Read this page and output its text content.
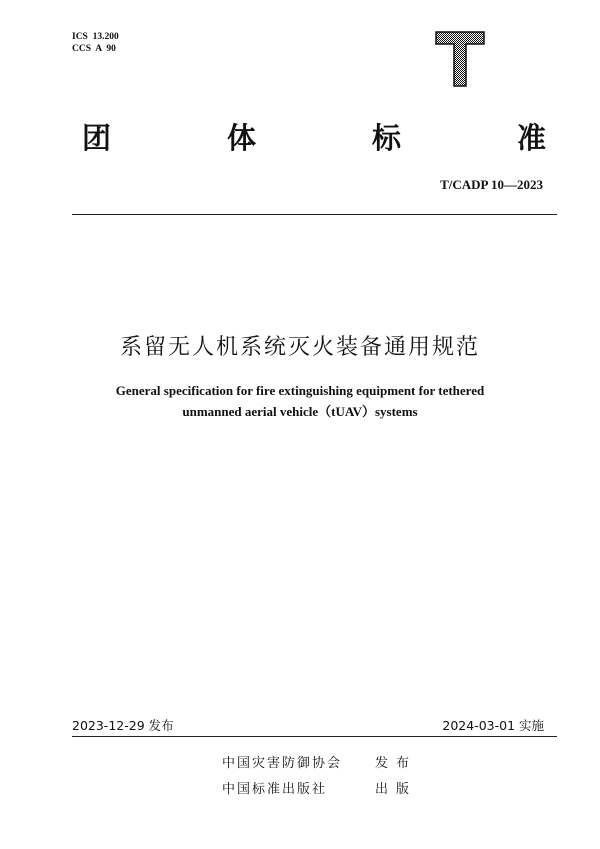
ICS  13.200
CCS  A  90
团	体	标	准
T/CADP 10—2023
系留无人机系统灭火装备通用规范
General specification for fire extinguishing equipment for tethered
unmanned aerial vehicle（tUAV）systems
2023-12-29 发布	2024-03-01 实施
中国灾害防御协会	发布
中国标准出版社	出版
